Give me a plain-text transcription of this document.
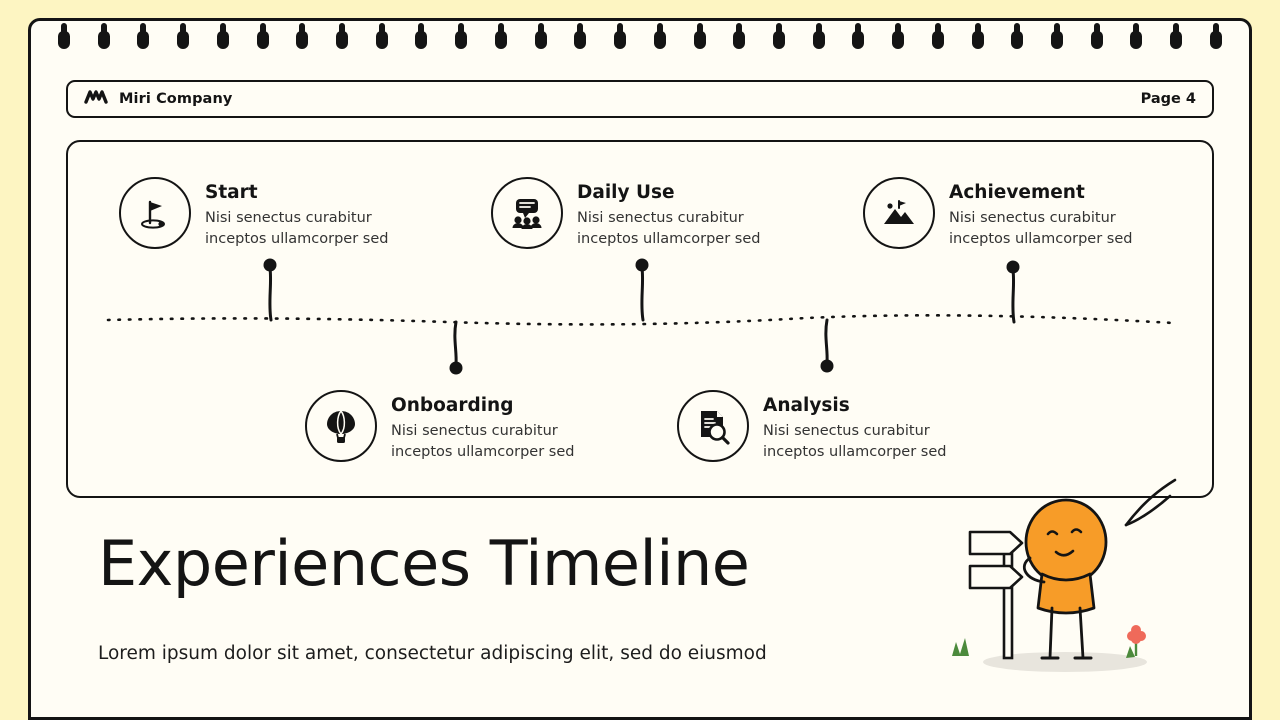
Miri Company	Page 4
Start
Nisi senectus curabitur inceptos ullamcorper sed
Daily Use
Nisi senectus curabitur inceptos ullamcorper sed
Achievement
Nisi senectus curabitur inceptos ullamcorper sed
Onboarding
Nisi senectus curabitur inceptos ullamcorper sed
Analysis
Nisi senectus curabitur inceptos ullamcorper sed
Experiences Timeline
Lorem ipsum dolor sit amet, consectetur adipiscing elit, sed do eiusmod
